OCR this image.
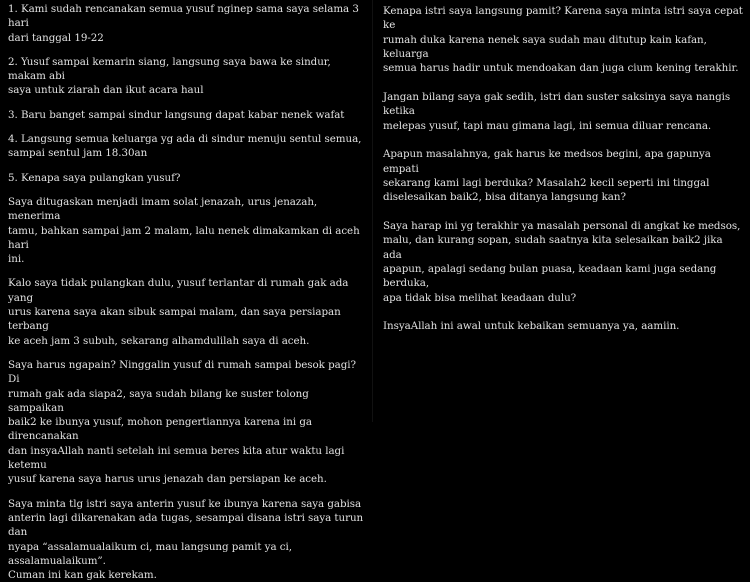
1. Kami sudah rencanakan semua yusuf nginep sama saya selama 3 hari
dari tanggal 19-22

2. Yusuf sampai kemarin siang, langsung saya bawa ke sindur, makam abi
saya untuk ziarah dan ikut acara haul

3. Baru banget sampai sindur langsung dapat kabar nenek wafat

4. Langsung semua keluarga yg ada di sindur menuju sentul semua,
sampai sentul jam 18.30an

5. Kenapa saya pulangkan yusuf?

Saya ditugaskan menjadi imam solat jenazah, urus jenazah, menerima
tamu, bahkan sampai jam 2 malam, lalu nenek dimakamkan di aceh hari
ini.

Kalo saya tidak pulangkan dulu, yusuf terlantar di rumah gak ada yang
urus karena saya akan sibuk sampai malam, dan saya persiapan terbang
ke aceh jam 3 subuh, sekarang alhamdulilah saya di aceh.

Saya harus ngapain? Ninggalin yusuf di rumah sampai besok pagi? Di
rumah gak ada siapa2, saya sudah bilang ke suster tolong sampaikan
baik2 ke ibunya yusuf, mohon pengertiannya karena ini ga direncanakan
dan insyaAllah nanti setelah ini semua beres kita atur waktu lagi ketemu
yusuf karena saya harus urus jenazah dan persiapan ke aceh.

Saya minta tlg istri saya anterin yusuf ke ibunya karena saya gabisa
anterin lagi dikarenakan ada tugas, sesampai disana istri saya turun dan
nyapa “assalamualaikum ci, mau langsung pamit ya ci, assalamualaikum”.
Cuman ini kan gak kerekam.

Kenapa istri saya langsung pamit? Karena saya minta istri saya cepat ke
rumah duka karena nenek saya sudah mau ditutup kain kafan, keluarga
semua harus hadir untuk mendoakan dan juga cium kening terakhir.

Jangan bilang saya gak sedih, istri dan suster saksinya saya nangis ketika
melepas yusuf, tapi mau gimana lagi, ini semua diluar rencana.

Apapun masalahnya, gak harus ke medsos begini, apa gapunya empati
sekarang kami lagi berduka? Masalah2 kecil seperti ini tinggal
diselesaikan baik2, bisa ditanya langsung kan?

Saya harap ini yg terakhir ya masalah personal di angkat ke medsos,
malu, dan kurang sopan, sudah saatnya kita selesaikan baik2 jika ada
apapun, apalagi sedang bulan puasa, keadaan kami juga sedang berduka,
apa tidak bisa melihat keadaan dulu?

InsyaAllah ini awal untuk kebaikan semuanya ya, aamiin.
